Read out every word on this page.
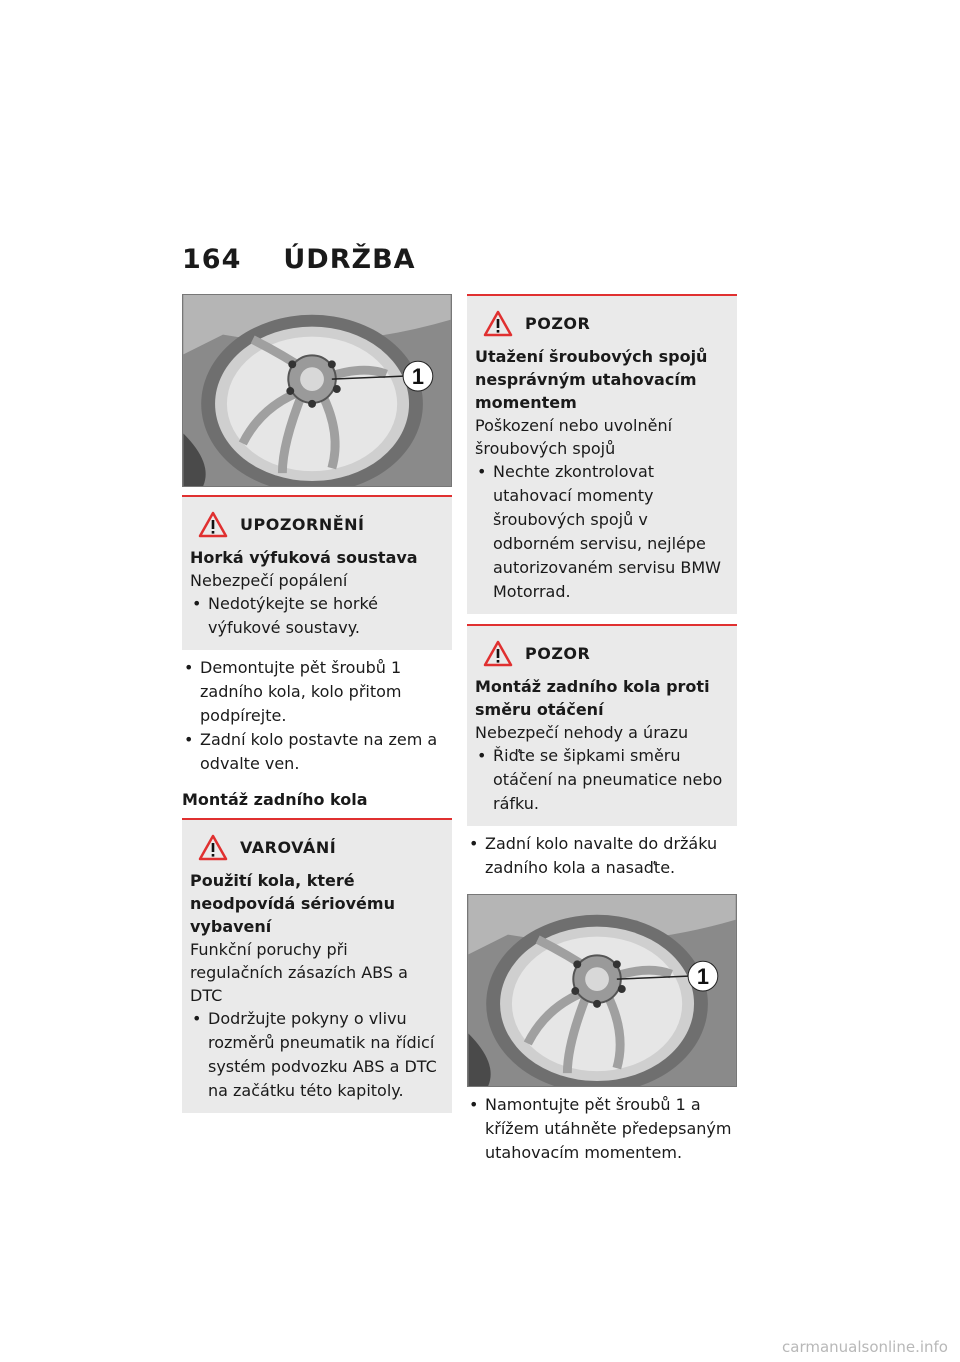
164 ÚDRŽBA
1
UPOZORNĚNÍ
Horká výfuková soustava
Nebezpečí popálení
• Nedotýkejte se horké výfukové soustavy.
• Demontujte pět šroubů 1 zadního kola, kolo přitom podpírejte.
• Zadní kolo postavte na zem a odvalte ven.
Montáž zadního kola
VAROVÁNÍ
Použití kola, které neodpovídá sériovému vybavení
Funkční poruchy při regulačních zásazích ABS a DTC
• Dodržujte pokyny o vlivu rozměrů pneumatik na řídicí systém podvozku ABS a DTC na začátku této kapitoly.
POZOR
Utažení šroubových spojů nesprávným utahovacím momentem
Poškození nebo uvolnění šroubových spojů
• Nechte zkontrolovat utahovací momenty šroubových spojů v odborném servisu, nejlépe autorizovaném servisu BMW Motorrad.
POZOR
Montáž zadního kola proti směru otáčení
Nebezpečí nehody a úrazu
• Řiďte se šipkami směru otáčení na pneumatice nebo ráfku.
• Zadní kolo navalte do držáku zadního kola a nasaďte.
1
• Namontujte pět šroubů 1 a křížem utáhněte předepsaným utahovacím momentem.
carmanualsonline.info
